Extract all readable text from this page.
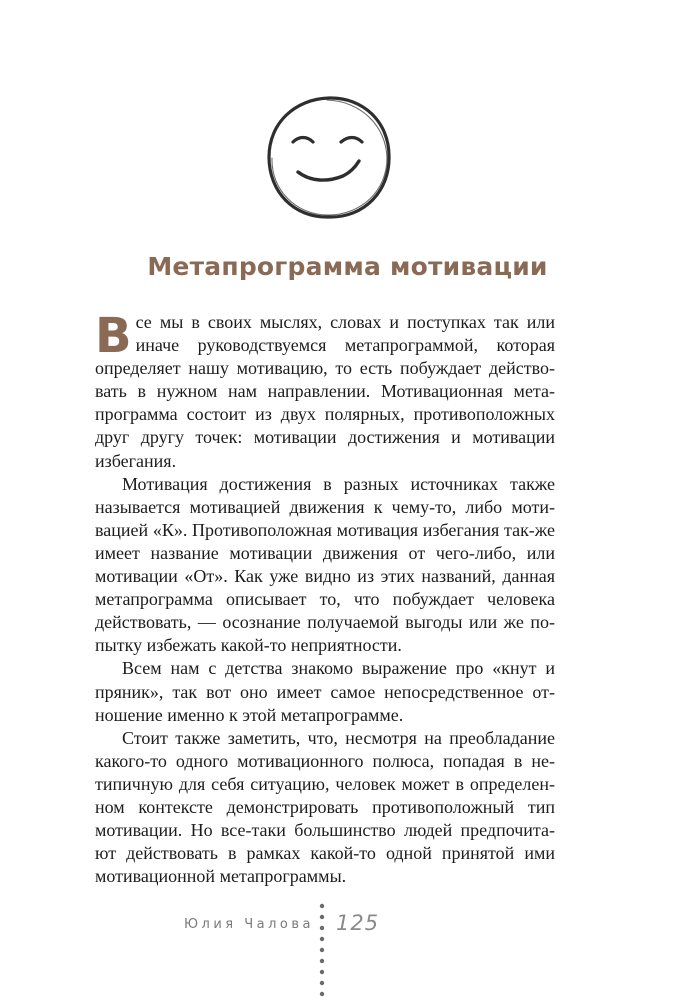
Метапрограмма мотивации

Все мы в своих мыслях, словах и поступках так или иначе руководствуемся метапрограммой, которая определяет нашу мотивацию, то есть побуждает действо-вать в нужном нам направлении. Мотивационная мета-программа состоит из двух полярных, противоположных друг другу точек: мотивации достижения и мотивации избегания.

Мотивация достижения в разных источниках также называется мотивацией движения к чему-то, либо моти-вацией «К». Противоположная мотивация избегания так-же имеет название мотивации движения от чего-либо, или мотивации «От». Как уже видно из этих названий, данная метапрограмма описывает то, что побуждает человека действовать, — осознание получаемой выгоды или же по-пытку избежать какой-то неприятности.

Всем нам с детства знакомо выражение про «кнут и пряник», так вот оно имеет самое непосредственное от-ношение именно к этой метапрограмме.

Стоит также заметить, что, несмотря на преобладание какого-то одного мотивационного полюса, попадая в не-типичную для себя ситуацию, человек может в определен-ном контексте демонстрировать противоположный тип мотивации. Но все-таки большинство людей предпочита-ют действовать в рамках какой-то одной принятой ими мотивационной метапрограммы.

Юлия Чалова 125
